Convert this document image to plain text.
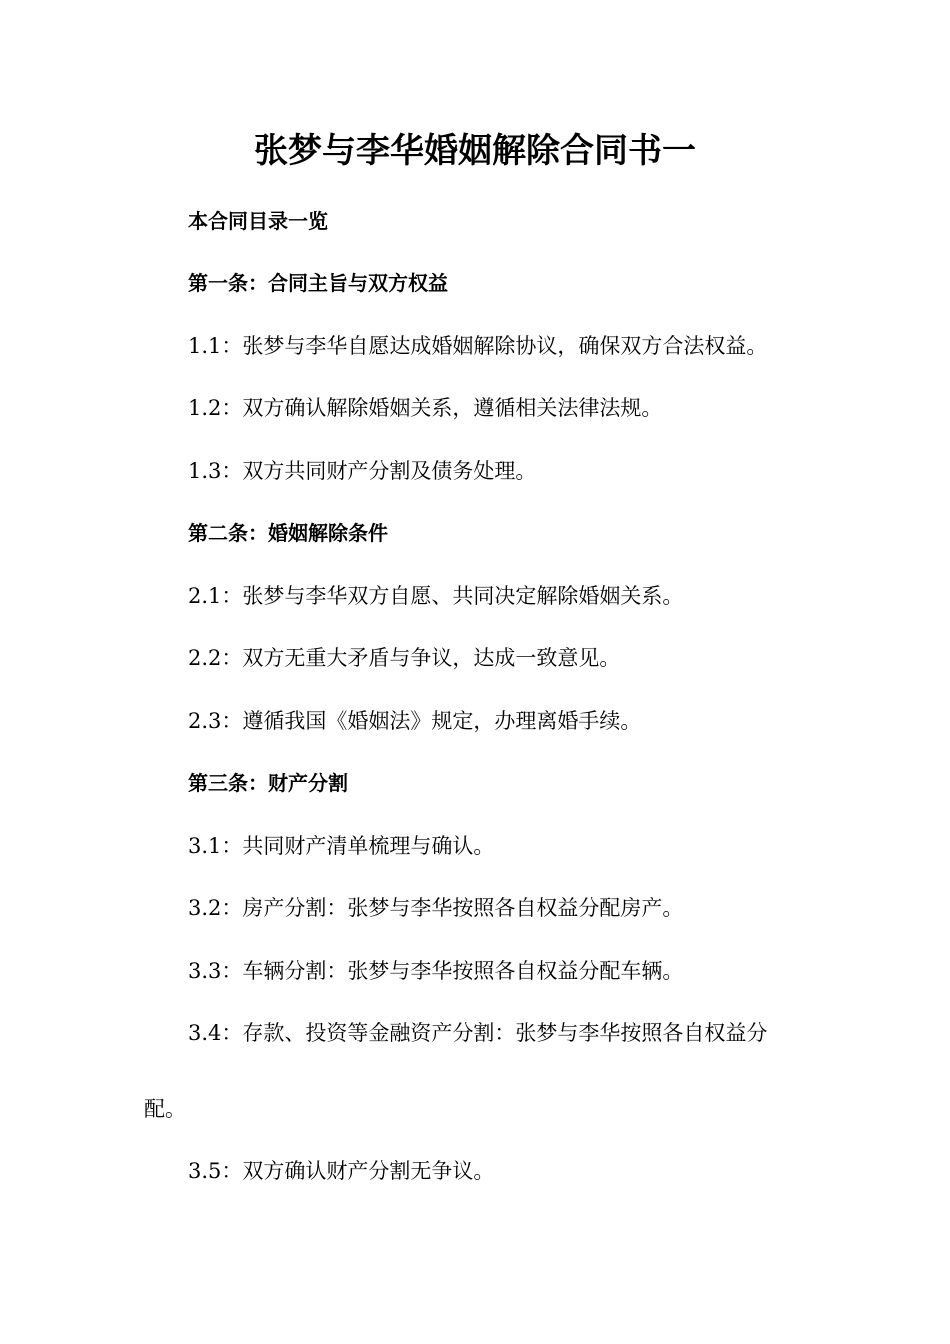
张梦与李华婚姻解除合同书一
本合同目录一览
第一条：合同主旨与双方权益
1.1：张梦与李华自愿达成婚姻解除协议，确保双方合法权益。
1.2：双方确认解除婚姻关系，遵循相关法律法规。
1.3：双方共同财产分割及债务处理。
第二条：婚姻解除条件
2.1：张梦与李华双方自愿、共同决定解除婚姻关系。
2.2：双方无重大矛盾与争议，达成一致意见。
2.3：遵循我国《婚姻法》规定，办理离婚手续。
第三条：财产分割
3.1：共同财产清单梳理与确认。
3.2：房产分割：张梦与李华按照各自权益分配房产。
3.3：车辆分割：张梦与李华按照各自权益分配车辆。
3.4：存款、投资等金融资产分割：张梦与李华按照各自权益分
配。
3.5：双方确认财产分割无争议。
